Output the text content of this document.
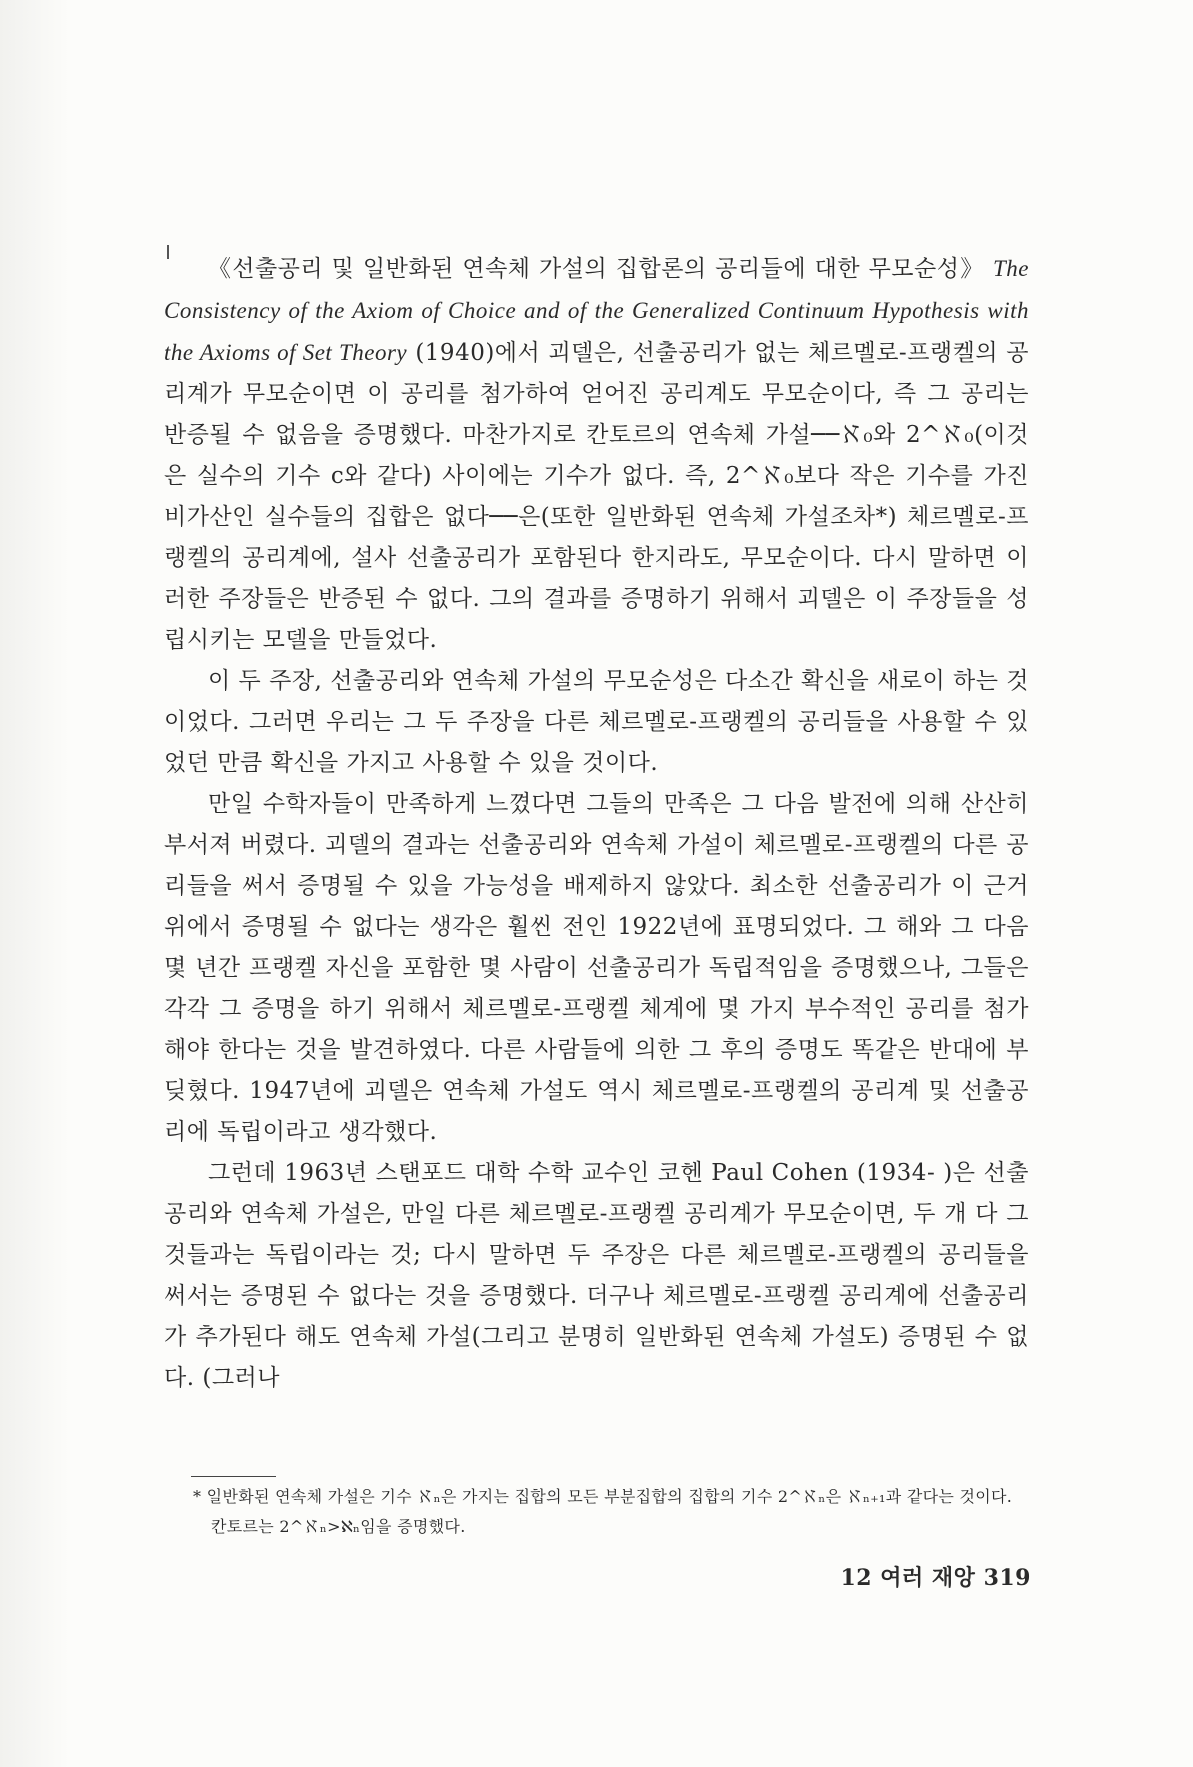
《선출공리 및 일반화된 연속체 가설의 집합론의 공리들에 대한 무모순성》 The Consistency of the Axiom of Choice and of the Generalized Continuum Hypothesis with the Axioms of Set Theory (1940)에서 괴델은, 선출공리가 없는 체르멜로-프랭켈의 공리계가 무모순이면 이 공리를 첨가하여 얻어진 공리계도 무모순이다, 즉 그 공리는 반증될 수 없음을 증명했다. 마찬가지로 칸토르의 연속체 가설──ℵ₀와 2^ℵ₀(이것은 실수의 기수 c와 같다) 사이에는 기수가 없다. 즉, 2^ℵ₀보다 작은 기수를 가진 비가산인 실수들의 집합은 없다──은(또한 일반화된 연속체 가설조차*) 체르멜로-프랭켈의 공리계에, 설사 선출공리가 포함된다 한지라도, 무모순이다. 다시 말하면 이러한 주장들은 반증된 수 없다. 그의 결과를 증명하기 위해서 괴델은 이 주장들을 성립시키는 모델을 만들었다.

이 두 주장, 선출공리와 연속체 가설의 무모순성은 다소간 확신을 새로이 하는 것이었다. 그러면 우리는 그 두 주장을 다른 체르멜로-프랭켈의 공리들을 사용할 수 있었던 만큼 확신을 가지고 사용할 수 있을 것이다.

만일 수학자들이 만족하게 느꼈다면 그들의 만족은 그 다음 발전에 의해 산산히 부서져 버렸다. 괴델의 결과는 선출공리와 연속체 가설이 체르멜로-프랭켈의 다른 공리들을 써서 증명될 수 있을 가능성을 배제하지 않았다. 최소한 선출공리가 이 근거 위에서 증명될 수 없다는 생각은 훨씬 전인 1922년에 표명되었다. 그 해와 그 다음 몇 년간 프랭켈 자신을 포함한 몇 사람이 선출공리가 독립적임을 증명했으나, 그들은 각각 그 증명을 하기 위해서 체르멜로-프랭켈 체계에 몇 가지 부수적인 공리를 첨가해야 한다는 것을 발견하였다. 다른 사람들에 의한 그 후의 증명도 똑같은 반대에 부딪혔다. 1947년에 괴델은 연속체 가설도 역시 체르멜로-프랭켈의 공리계 및 선출공리에 독립이라고 생각했다.

그런데 1963년 스탠포드 대학 수학 교수인 코헨 Paul Cohen (1934- )은 선출공리와 연속체 가설은, 만일 다른 체르멜로-프랭켈 공리계가 무모순이면, 두 개 다 그것들과는 독립이라는 것; 다시 말하면 두 주장은 다른 체르멜로-프랭켈의 공리들을 써서는 증명된 수 없다는 것을 증명했다. 더구나 체르멜로-프랭켈 공리계에 선출공리가 추가된다 해도 연속체 가설(그리고 분명히 일반화된 연속체 가설도) 증명된 수 없다. (그러나

* 일반화된 연속체 가설은 기수 ℵₙ은 가지는 집합의 모든 부분집합의 집합의 기수 2^ℵₙ은 ℵₙ₊₁과 같다는 것이다. 칸토르는 2^ℵₙ>ℵₙ임을 증명했다.

12 여러 재앙 319
